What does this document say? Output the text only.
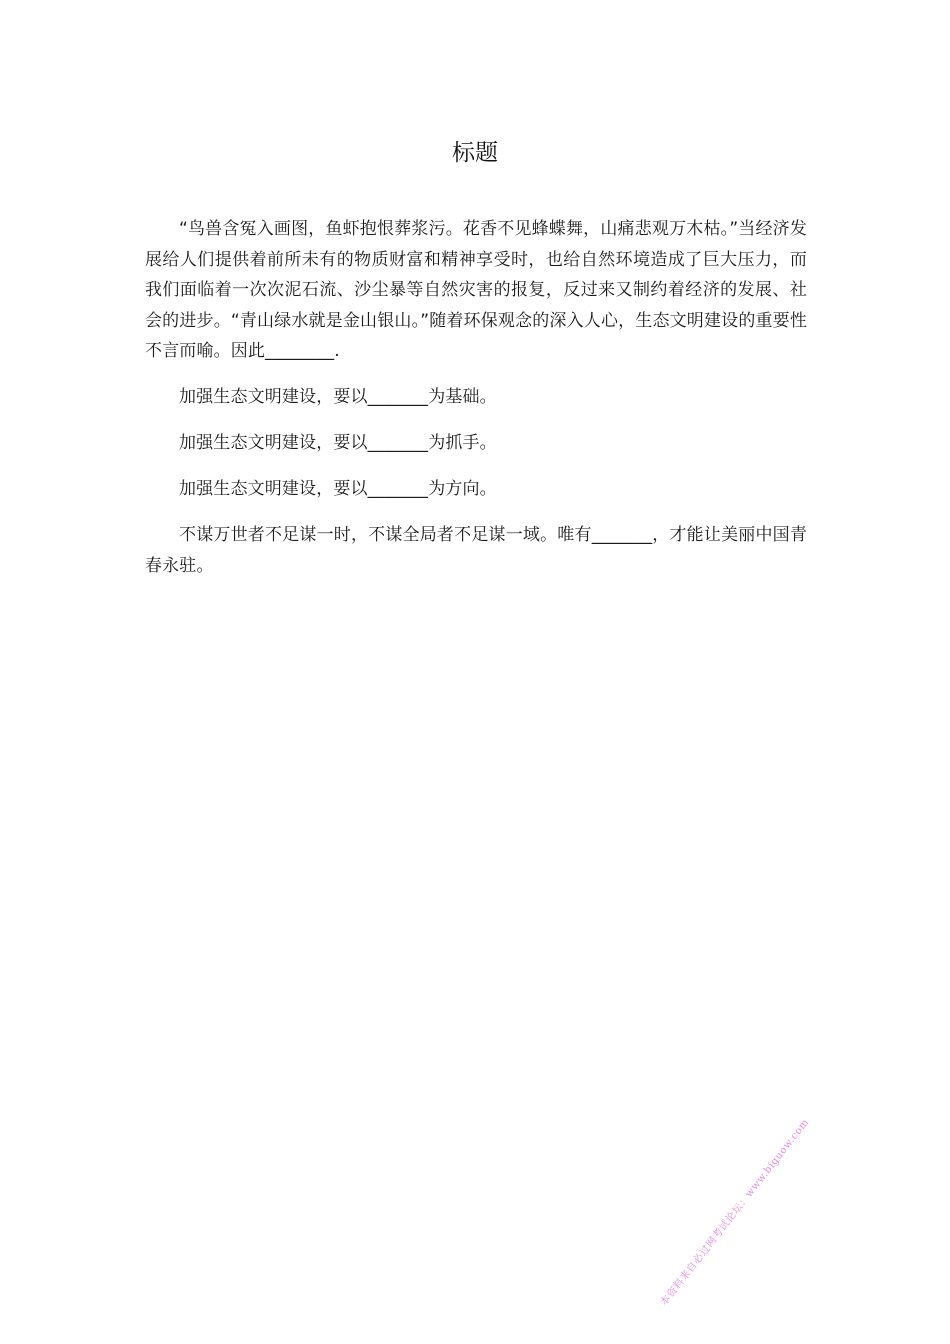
标题

“鸟兽含冤入画图，鱼虾抱恨葬浆污。花香不见蜂蝶舞，山痛悲观万木枯。”当经济发展给人们提供着前所未有的物质财富和精神享受时，也给自然环境造成了巨大压力，而我们面临着一次次泥石流、沙尘暴等自然灾害的报复，反过来又制约着经济的发展、社会的进步。“青山绿水就是金山银山。”随着环保观念的深入人心，生态文明建设的重要性不言而喻。因此________.

加强生态文明建设，要以_______为基础。

加强生态文明建设，要以_______为抓手。

加强生态文明建设，要以_______为方向。

不谋万世者不足谋一时，不谋全局者不足谋一域。唯有_______，才能让美丽中国青春永驻。

本资料来自必过网考试论坛：www.biguow.com
